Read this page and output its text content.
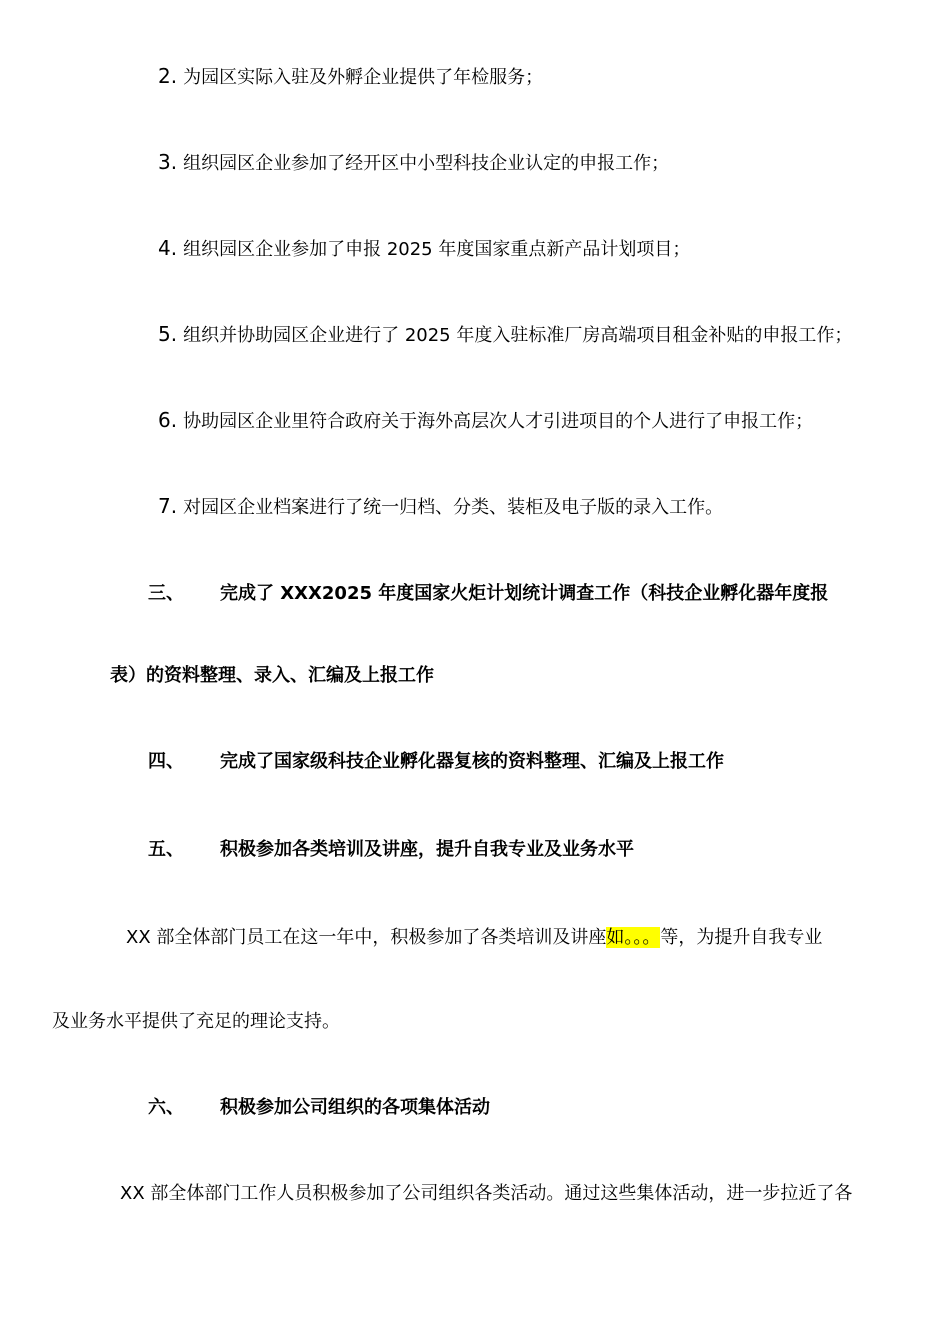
2. 为园区实际入驻及外孵企业提供了年检服务；
3. 组织园区企业参加了经开区中小型科技企业认定的申报工作；
4. 组织园区企业参加了申报 2025 年度国家重点新产品计划项目；
5. 组织并协助园区企业进行了 2025 年度入驻标准厂房高端项目租金补贴的申报工作；
6. 协助园区企业里符合政府关于海外高层次人才引进项目的个人进行了申报工作；
7. 对园区企业档案进行了统一归档、分类、装柜及电子版的录入工作。
三、 完成了 XXX2025 年度国家火炬计划统计调查工作（科技企业孵化器年度报
表）的资料整理、录入、汇编及上报工作
四、 完成了国家级科技企业孵化器复核的资料整理、汇编及上报工作
五、 积极参加各类培训及讲座，提升自我专业及业务水平
XX 部全体部门员工在这一年中，积极参加了各类培训及讲座如。。。等，为提升自我专业
及业务水平提供了充足的理论支持。
六、 积极参加公司组织的各项集体活动
XX 部全体部门工作人员积极参加了公司组织各类活动。通过这些集体活动，进一步拉近了各
